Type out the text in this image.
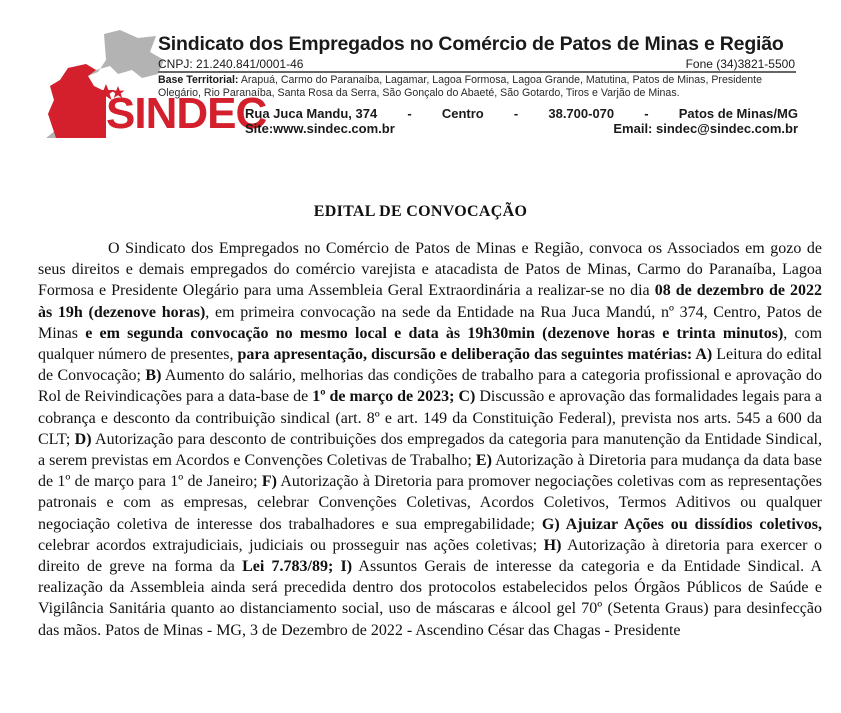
SINDEC
Sindicato dos Empregados no Comércio de Patos de Minas e Região
CNPJ: 21.240.841/0001-46	Fone (34)3821-5500
Base Territorial: Arapuá, Carmo do Paranaíba, Lagamar, Lagoa Formosa, Lagoa Grande, Matutina, Patos de Minas, Presidente Olegário, Rio Paranaíba, Santa Rosa da Serra, São Gonçalo do Abaeté, São Gotardo, Tiros e Varjão de Minas.
Rua Juca Mandu, 374 - Centro - 38.700-070 - Patos de Minas/MG
Site:www.sindec.com.br	Email: sindec@sindec.com.br
EDITAL DE CONVOCAÇÃO

O Sindicato dos Empregados no Comércio de Patos de Minas e Região, convoca os Associados em gozo de seus direitos e demais empregados do comércio varejista e atacadista de Patos de Minas, Carmo do Paranaíba, Lagoa Formosa e Presidente Olegário para uma Assembleia Geral Extraordinária a realizar-se no dia 08 de dezembro de 2022 às 19h (dezenove horas), em primeira convocação na sede da Entidade na Rua Juca Mandú, nº 374, Centro, Patos de Minas e em segunda convocação no mesmo local e data às 19h30min (dezenove horas e trinta minutos), com qualquer número de presentes, para apresentação, discursão e deliberação das seguintes matérias: A) Leitura do edital de Convocação; B) Aumento do salário, melhorias das condições de trabalho para a categoria profissional e aprovação do Rol de Reivindicações para a data-base de 1º de março de 2023; C) Discussão e aprovação das formalidades legais para a cobrança e desconto da contribuição sindical (art. 8º e art. 149 da Constituição Federal), prevista nos arts. 545 a 600 da CLT; D) Autorização para desconto de contribuições dos empregados da categoria para manutenção da Entidade Sindical, a serem previstas em Acordos e Convenções Coletivas de Trabalho; E) Autorização à Diretoria para mudança da data base de 1º de março para 1º de Janeiro; F) Autorização à Diretoria para promover negociações coletivas com as representações patronais e com as empresas, celebrar Convenções Coletivas, Acordos Coletivos, Termos Aditivos ou qualquer negociação coletiva de interesse dos trabalhadores e sua empregabilidade; G) Ajuizar Ações ou dissídios coletivos, celebrar acordos extrajudiciais, judiciais ou prosseguir nas ações coletivas; H) Autorização à diretoria para exercer o direito de greve na forma da Lei 7.783/89; I) Assuntos Gerais de interesse da categoria e da Entidade Sindical. A realização da Assembleia ainda será precedida dentro dos protocolos estabelecidos pelos Órgãos Públicos de Saúde e Vigilância Sanitária quanto ao distanciamento social, uso de máscaras e álcool gel 70º (Setenta Graus) para desinfecção das mãos. Patos de Minas - MG, 3 de Dezembro de 2022 - Ascendino César das Chagas - Presidente
